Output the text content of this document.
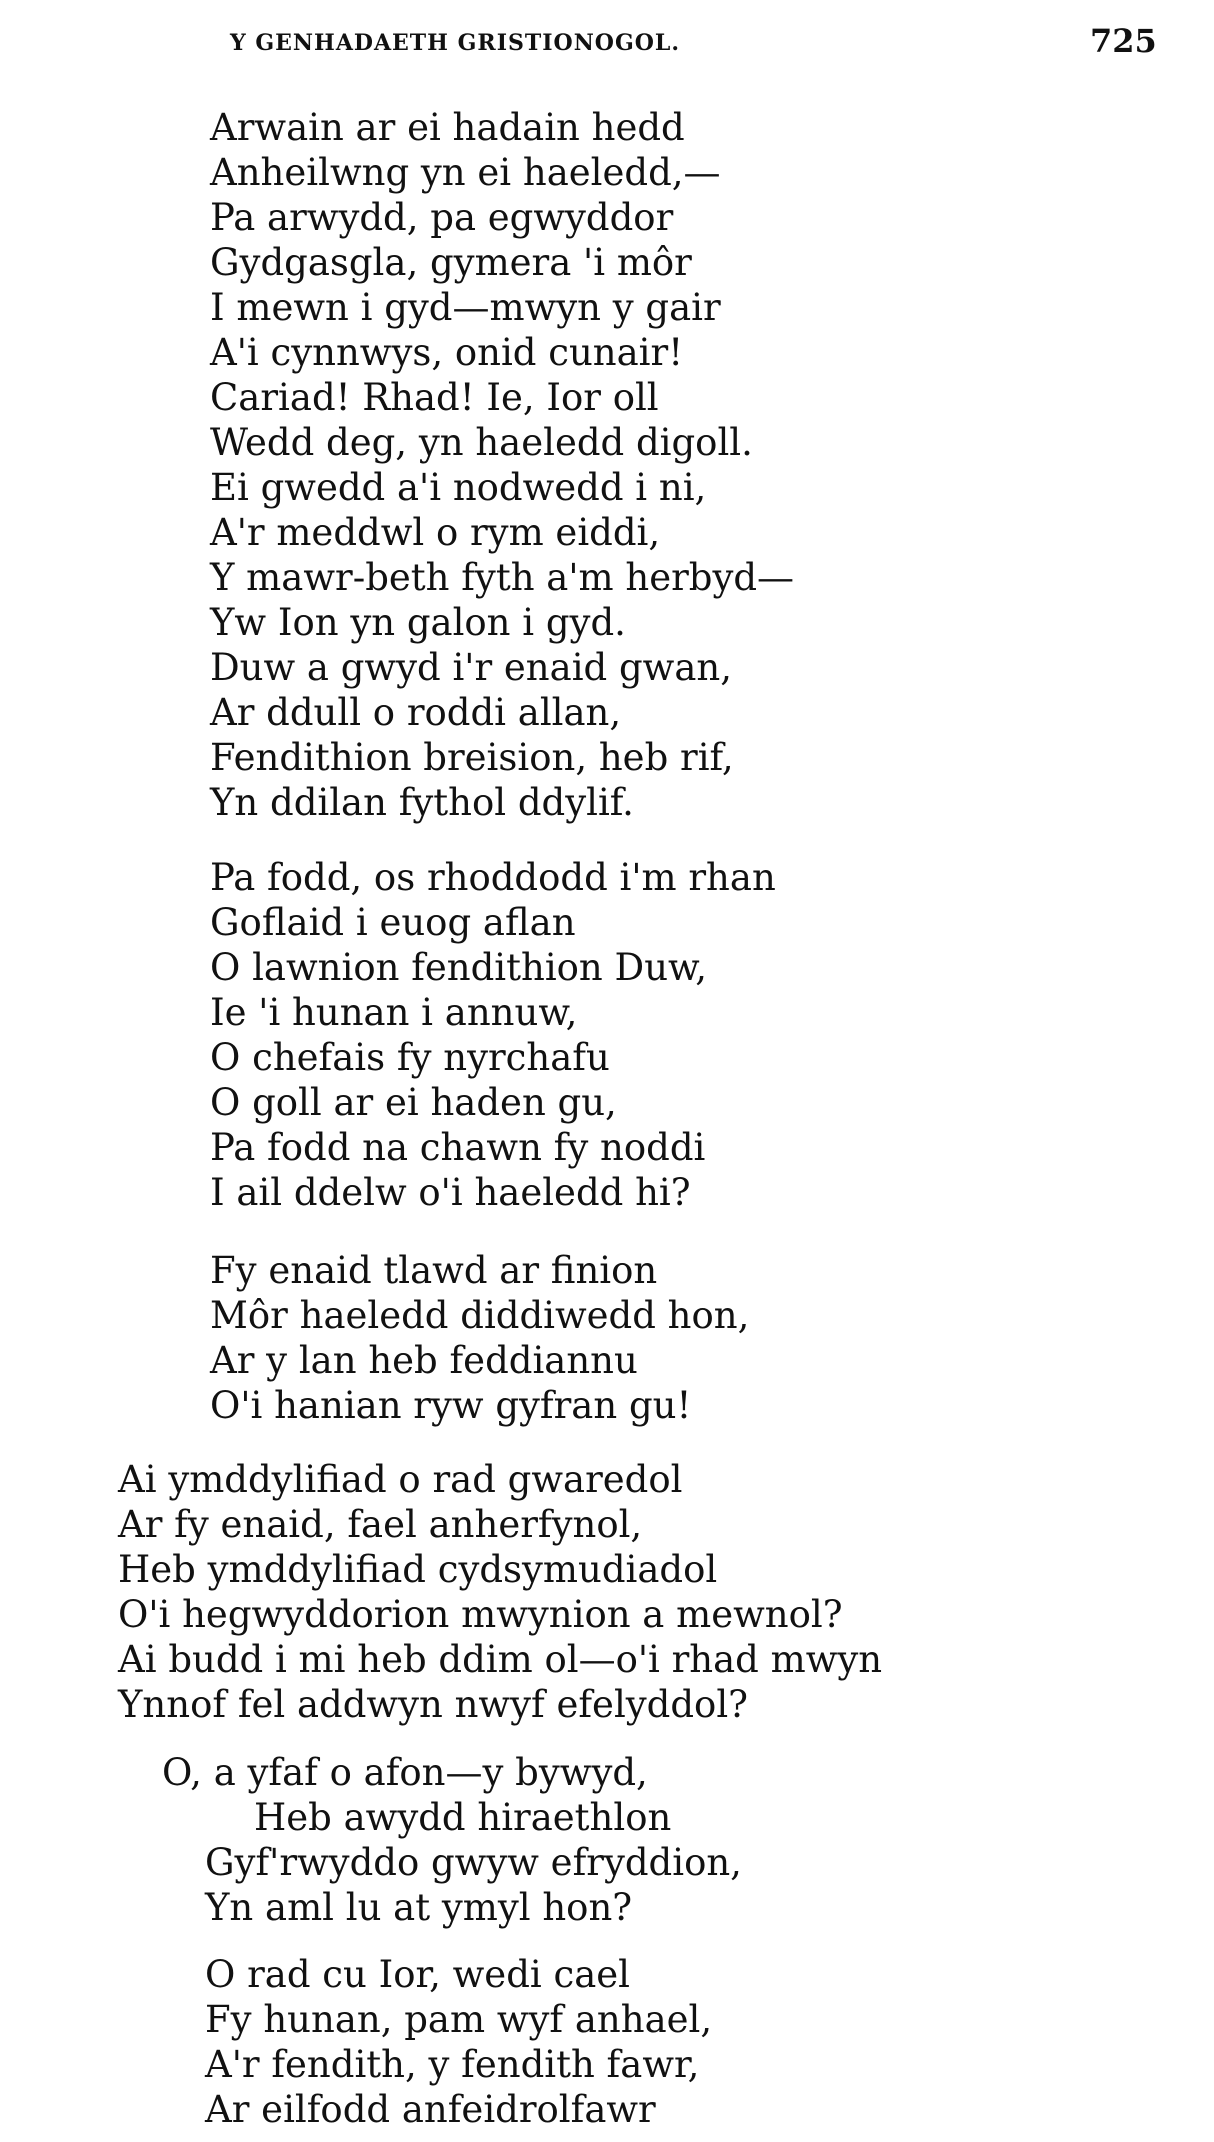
Y GENHADAETH GRISTIONOGOL.	725
Arwain ar ei hadain hedd
Anheilwng yn ei haeledd,—
Pa arwydd, pa egwyddor
Gydgasgla, gymera 'i môr
I mewn i gyd—mwyn y gair
A'i cynnwys, onid cunair!
Cariad! Rhad! Ie, Ior oll
Wedd deg, yn haeledd digoll.
Ei gwedd a'i nodwedd i ni,
A'r meddwl o rym eiddi,
Y mawr-beth fyth a'm herbyd—
Yw Ion yn galon i gyd.
Duw a gwyd i'r enaid gwan,
Ar ddull o roddi allan,
Fendithion breision, heb rif,
Yn ddilan fythol ddylif.
Pa fodd, os rhoddodd i'm rhan
Goflaid i euog aflan
O lawnion fendithion Duw,
Ie 'i hunan i annuw,
O chefais fy nyrchafu
O goll ar ei haden gu,
Pa fodd na chawn fy noddi
I ail ddelw o'i haeledd hi?
Fy enaid tlawd ar finion
Môr haeledd diddiwedd hon,
Ar y lan heb feddiannu
O'i hanian ryw gyfran gu!
Ai ymddylifiad o rad gwaredol
Ar fy enaid, fael anherfynol,
Heb ymddylifiad cydsymudiadol
O'i hegwyddorion mwynion a mewnol?
Ai budd i mi heb ddim ol—o'i rhad mwyn
Ynnof fel addwyn nwyf efelyddol?
O, a yfaf o afon—y bywyd,
Heb awydd hiraethlon
Gyf'rwyddo gwyw efryddion,
Yn aml lu at ymyl hon?
O rad cu Ior, wedi cael
Fy hunan, pam wyf anhael,
A'r fendith, y fendith fawr,
Ar eilfodd anfeidrolfawr
